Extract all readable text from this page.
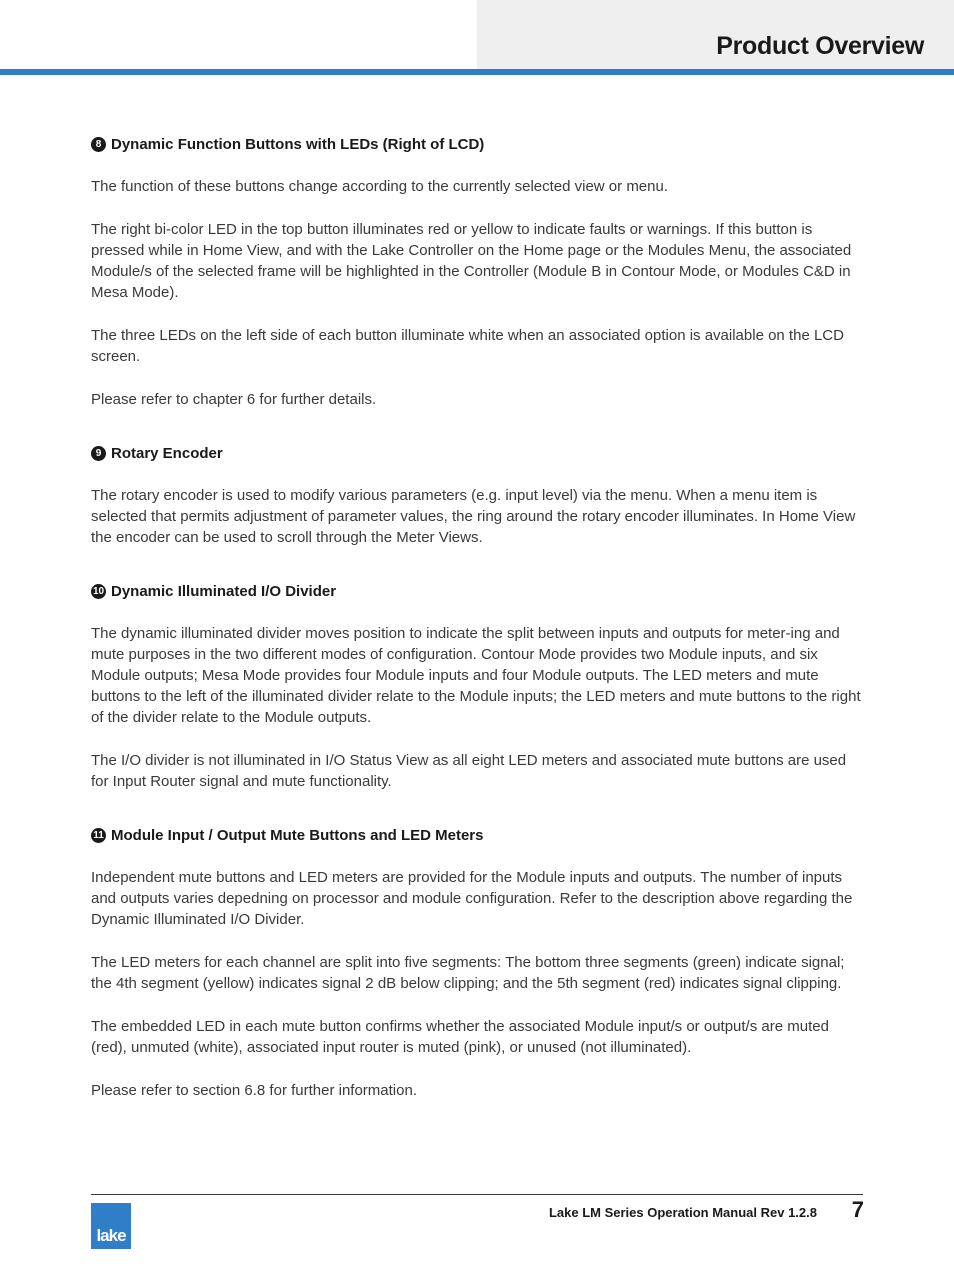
Product Overview
8 Dynamic Function Buttons with LEDs (Right of LCD)

The function of these buttons change according to the currently selected view or menu.

The right bi-color LED in the top button illuminates red or yellow to indicate faults or warnings. If this button is pressed while in Home View, and with the Lake Controller on the Home page or the Modules Menu, the associated Module/s of the selected frame will be highlighted in the Controller (Module B in Contour Mode, or Modules C&D in Mesa Mode).

The three LEDs on the left side of each button illuminate white when an associated option is available on the LCD screen.

Please refer to chapter 6 for further details.

9 Rotary Encoder

The rotary encoder is used to modify various parameters (e.g. input level) via the menu. When a menu item is selected that permits adjustment of parameter values, the ring around the rotary encoder illuminates. In Home View the encoder can be used to scroll through the Meter Views.

10 Dynamic Illuminated I/O Divider

The dynamic illuminated divider moves position to indicate the split between inputs and outputs for meter-ing and mute purposes in the two different modes of configuration. Contour Mode provides two Module inputs, and six Module outputs; Mesa Mode provides four Module inputs and four Module outputs. The LED meters and mute buttons to the left of the illuminated divider relate to the Module inputs; the LED meters and mute buttons to the right of the divider relate to the Module outputs.

The I/O divider is not illuminated in I/O Status View as all eight LED meters and associated mute buttons are used for Input Router signal and mute functionality.

11 Module Input / Output Mute Buttons and LED Meters

Independent mute buttons and LED meters are provided for the Module inputs and outputs. The number of inputs and outputs varies depedning on processor and module configuration. Refer to the description above regarding the Dynamic Illuminated I/O Divider.

The LED meters for each channel are split into five segments: The bottom three segments (green) indicate signal; the 4th segment (yellow) indicates signal 2 dB below clipping; and the 5th segment (red) indicates signal clipping.

The embedded LED in each mute button confirms whether the associated Module input/s or output/s are muted (red), unmuted (white), associated input router is muted (pink), or unused (not illuminated).

Please refer to section 6.8 for further information.

lake
Lake LM Series Operation Manual Rev 1.2.8 7
